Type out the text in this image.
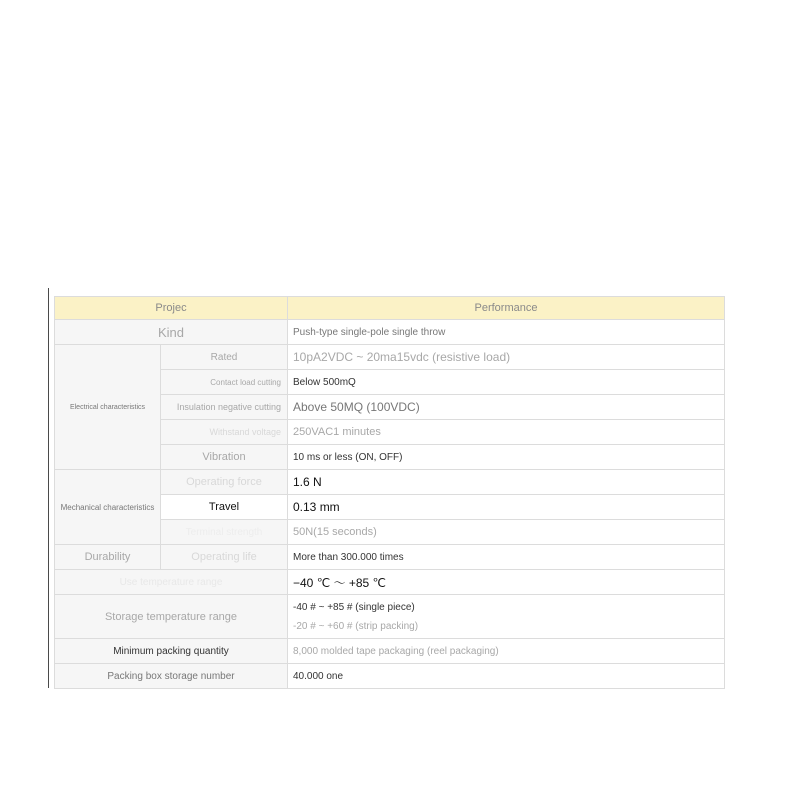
Projec		Performance
Kind		Push-type single-pole single throw
Electrical characteristics	Rated	10pA2VDC ~ 20ma15vdc (resistive load)
	Contact load cutting	Below 500mQ
	Insulation negative cutting	Above 50MQ (100VDC)
	Withstand voltage	250VAC1 minutes
	Vibration	10 ms or less (ON, OFF)
Mechanical characteristics	Operating force	1.6 N
	Travel	0.13 mm
	Terminal strength	50N(15 seconds)
Durability	Operating life	More than 300.000 times
Use temperature range		−40 ℃ ～ +85 ℃
Storage temperature range		-40 # ~ +85 # (single piece)
-20 # ~ +60 # (strip packing)

Minimum packing quantity		8,000 molded tape packaging (reel packaging)
Packing box storage number		40.000 one
